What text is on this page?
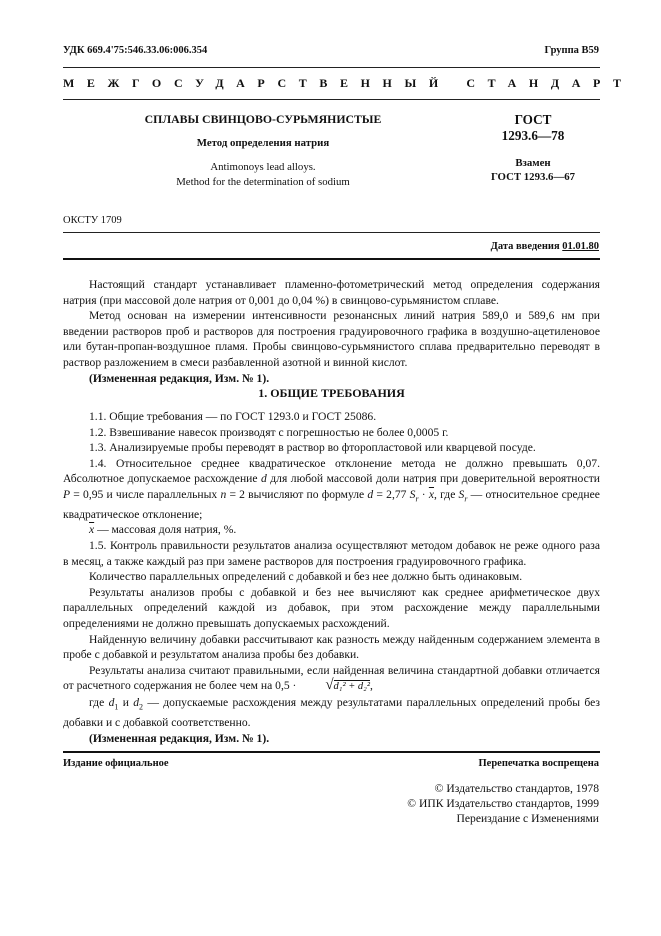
УДК 669.4'75:546.33.06:006.354	Группа В59
МЕЖГОСУДАРСТВЕННЫЙ СТАНДАРТ
СПЛАВЫ СВИНЦОВО-СУРЬМЯНИСТЫЕ
Метод определения натрия
Antimonoys lead alloys.
Method for the determination of sodium
ГОСТ
1293.6—78
Взамен
ГОСТ 1293.6—67
ОКСТУ 1709
Дата введения 01.01.80

Настоящий стандарт устанавливает пламенно-фотометрический метод определения содержания натрия (при массовой доле натрия от 0,001 до 0,04 %) в свинцово-сурьмянистом сплаве.

Метод основан на измерении интенсивности резонансных линий натрия 589,0 и 589,6 нм при введении растворов проб и растворов для построения градуировочного графика в воздушно-ацетиленовое или бутан-пропан-воздушное пламя. Пробы свинцово-сурьмянистого сплава предварительно переводят в раствор разложением в смеси разбавленной азотной и винной кислот.

(Измененная редакция, Изм. № 1).

1. ОБЩИЕ ТРЕБОВАНИЯ

1.1. Общие требования — по ГОСТ 1293.0 и ГОСТ 25086.

1.2. Взвешивание навесок производят с погрешностью не более 0,0005 г.

1.3. Анализируемые пробы переводят в раствор во фторопластовой или кварцевой посуде.

1.4. Относительное среднее квадратическое отклонение метода не должно превышать 0,07. Абсолютное допускаемое расхождение d для любой массовой доли натрия при доверительной вероятности P = 0,95 и числе параллельных n = 2 вычисляют по формуле d = 2,77 $S_r \cdot \overline{x}$, где $S_r$ — относительное среднее квадратическое отклонение;

$\overline{x}$ — массовая доля натрия, %.

1.5. Контроль правильности результатов анализа осуществляют методом добавок не реже одного раза в месяц, а также каждый раз при замене растворов для построения градуировочного графика.

Количество параллельных определений с добавкой и без нее должно быть одинаковым.

Результаты анализов пробы с добавкой и без нее вычисляют как среднее арифметическое двух параллельных определений каждой из добавок, при этом расхождение между параллельными определениями не должно превышать допускаемых расхождений.

Найденную величину добавки рассчитывают как разность между найденным содержанием элемента в пробе с добавкой и результатом анализа пробы без добавки.

Результаты анализа считают правильными, если найденная величина стандартной добавки отличается от расчетного содержания не более чем на 0,5 · √d₁² + d₂²,

где $d_1$ и $d_2$ — допускаемые расхождения между результатами параллельных определений пробы без добавки и с добавкой соответственно.

(Измененная редакция, Изм. № 1).

Издание официальное	Перепечатка воспрещена
© Издательство стандартов, 1978
© ИПК Издательство стандартов, 1999
Переиздание с Изменениями
